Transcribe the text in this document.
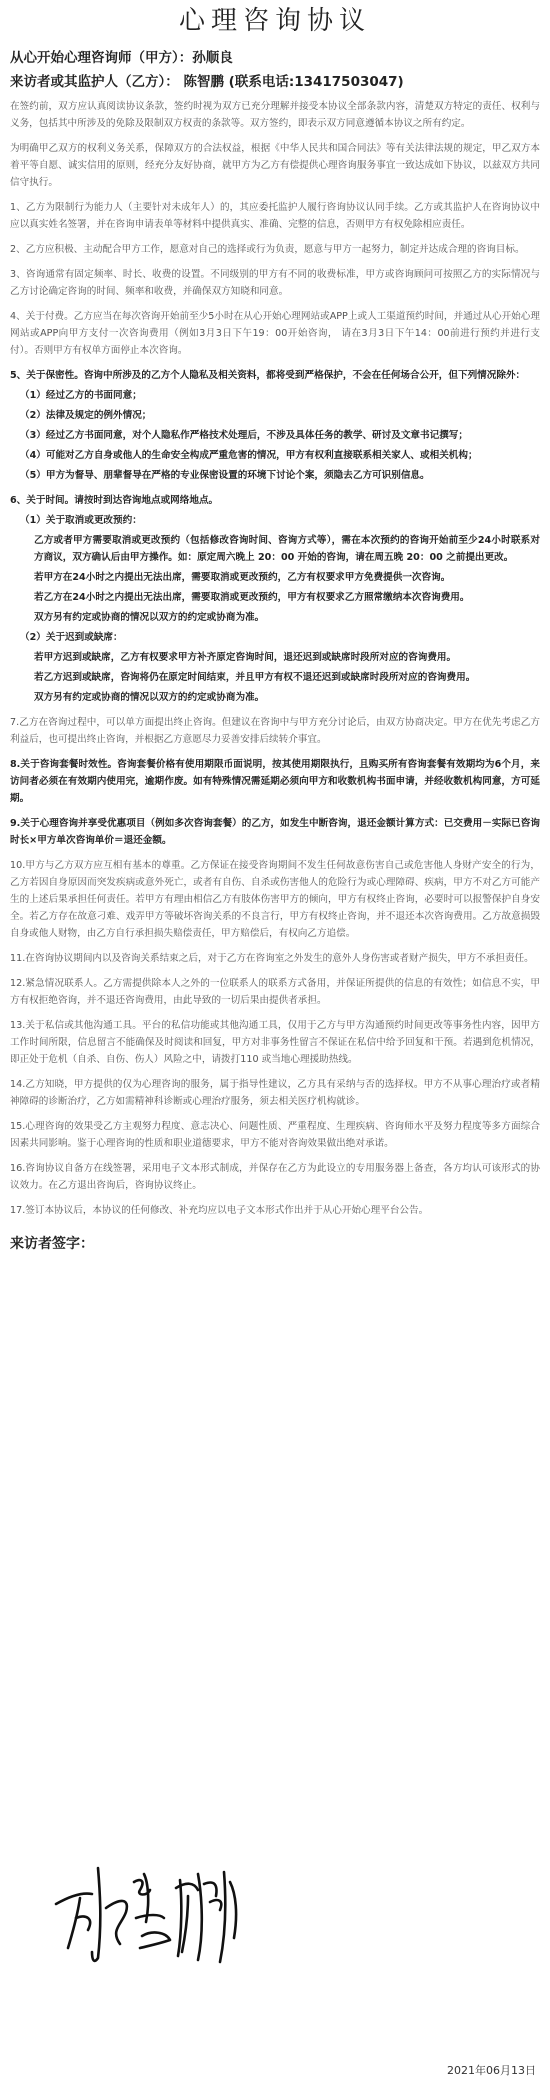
心理咨询协议

从心开始心理咨询师（甲方）：孙顺良

来访者或其监护人（乙方）： 陈智鹏 (联系电话:13417503047)

在签约前，双方应认真阅读协议条款，签约时视为双方已充分理解并接受本协议全部条款内容，清楚双方特定的责任、权利与义务，包括其中所涉及的免除及限制双方权责的条款等。双方签约，即表示双方同意遵循本协议之所有约定。

为明确甲乙双方的权利义务关系，保障双方的合法权益，根据《中华人民共和国合同法》等有关法律法规的规定，甲乙双方本着平等自愿、诚实信用的原则，经充分友好协商，就甲方为乙方有偿提供心理咨询服务事宜一致达成如下协议，以兹双方共同信守执行。

1、乙方为限制行为能力人（主要针对未成年人）的，其应委托监护人履行咨询协议认同手续。乙方或其监护人在咨询协议中应以真实姓名签署，并在咨询申请表单等材料中提供真实、准确、完整的信息，否则甲方有权免除相应责任。

2、乙方应积极、主动配合甲方工作，愿意对自己的选择或行为负责，愿意与甲方一起努力，制定并达成合理的咨询目标。

3、咨询通常有固定频率、时长、收费的设置。不同级别的甲方有不同的收费标准，甲方或咨询顾问可按照乙方的实际情况与乙方讨论确定咨询的时间、频率和收费，并确保双方知晓和同意。

4、关于付费。乙方应当在每次咨询开始前至少5小时在从心开始心理网站或APP上或人工渠道预约时间，并通过从心开始心理网站或APP向甲方支付一次咨询费用（例如3月3日下午19：00开始咨询， 请在3月3日下午14：00前进行预约并进行支付）。否则甲方有权单方面停止本次咨询。

5、关于保密性。咨询中所涉及的乙方个人隐私及相关资料，都将受到严格保护，不会在任何场合公开，但下列情况除外：

（1）经过乙方的书面同意；

（2）法律及规定的例外情况；

（3）经过乙方书面同意，对个人隐私作严格技术处理后，不涉及具体任务的教学、研讨及文章书记撰写；

（4）可能对乙方自身或他人的生命安全构成严重危害的情况，甲方有权利直接联系相关家人、或相关机构；

（5）甲方为督导、朋辈督导在严格的专业保密设置的环境下讨论个案，须隐去乙方可识别信息。

6、关于时间。请按时到达咨询地点或网络地点。

（1）关于取消或更改预约：

乙方或者甲方需要取消或更改预约（包括修改咨询时间、咨询方式等），需在本次预约的咨询开始前至少24小时联系对方商议，双方确认后由甲方操作。如：原定周六晚上 20：00 开始的咨询，请在周五晚 20：00 之前提出更改。

若甲方在24小时之内提出无法出席，需要取消或更改预约，乙方有权要求甲方免费提供一次咨询。

若乙方在24小时之内提出无法出席，需要取消或更改预约，甲方有权要求乙方照常缴纳本次咨询费用。

双方另有约定或协商的情况以双方的约定或协商为准。

（2）关于迟到或缺席：

若甲方迟到或缺席，乙方有权要求甲方补齐原定咨询时间，退还迟到或缺席时段所对应的咨询费用。

若乙方迟到或缺席，咨询将仍在原定时间结束，并且甲方有权不退还迟到或缺席时段所对应的咨询费用。

双方另有约定或协商的情况以双方的约定或协商为准。

7.乙方在咨询过程中，可以单方面提出终止咨询。但建议在咨询中与甲方充分讨论后，由双方协商决定。甲方在优先考虑乙方利益后，也可提出终止咨询，并根据乙方意愿尽力妥善安排后续转介事宜。

8.关于咨询套餐时效性。咨询套餐价格有使用期限币面说明，按其使用期限执行，且购买所有咨询套餐有效期均为6个月，来访问者必须在有效期内使用完，逾期作废。如有特殊情况需延期必须向甲方和收数机构书面申请，并经收数机构同意，方可延期。

9.关于心理咨询并享受优惠项目（例如多次咨询套餐）的乙方，如发生中断咨询，退还金额计算方式：已交费用－实际已咨询时长×甲方单次咨询单价＝退还金额。

10.甲方与乙方双方应互相有基本的尊重。乙方保证在接受咨询期间不发生任何故意伤害自己或危害他人身财产安全的行为，乙方若因自身原因而突发疾病或意外死亡，或者有自伤、自杀或伤害他人的危险行为或心理障碍、疾病，甲方不对乙方可能产生的上述后果承担任何责任。若甲方有理由相信乙方有肢体伤害甲方的倾向，甲方有权终止咨询，必要时可以报警保护自身安全。若乙方存在故意刁难、戏弄甲方等破坏咨询关系的不良言行，甲方有权终止咨询，并不退还本次咨询费用。乙方故意损毁自身或他人财物，由乙方自行承担损失赔偿责任，甲方赔偿后，有权向乙方追偿。

11.在咨询协议期间内以及咨询关系结束之后，对于乙方在咨询室之外发生的意外人身伤害或者财产损失，甲方不承担责任。

12.紧急情况联系人。乙方需提供除本人之外的一位联系人的联系方式备用，并保证所提供的信息的有效性；如信息不实，甲方有权拒绝咨询，并不退还咨询费用，由此导致的一切后果由提供者承担。

13.关于私信或其他沟通工具。平台的私信功能或其他沟通工具，仅用于乙方与甲方沟通预约时间更改等事务性内容，因甲方工作时间所限，信息留言不能确保及时阅读和回复，甲方对非事务性留言不保证在私信中给予回复和干预。若遇到危机情况，即正处于危机（自杀、自伤、伤人）风险之中，请拨打110 或当地心理援助热线。

14.乙方知晓，甲方提供的仅为心理咨询的服务，属于指导性建议，乙方具有采纳与否的选择权。甲方不从事心理治疗或者精神障碍的诊断治疗，乙方如需精神科诊断或心理治疗服务，须去相关医疗机构就诊。

15.心理咨询的效果受乙方主观努力程度、意志决心、问题性质、严重程度、生理疾病、咨询师水平及努力程度等多方面综合因素共同影响。鉴于心理咨询的性质和职业道德要求，甲方不能对咨询效果做出绝对承诺。

16.咨询协议自备方在线签署，采用电子文本形式制成，并保存在乙方为此设立的专用服务器上备查，各方均认可该形式的协议效力。在乙方退出咨询后，咨询协议终止。

17.签订本协议后，本协议的任何修改、补充均应以电子文本形式作出并于从心开始心理平台公告。

来访者签字：
2021年06月13日
